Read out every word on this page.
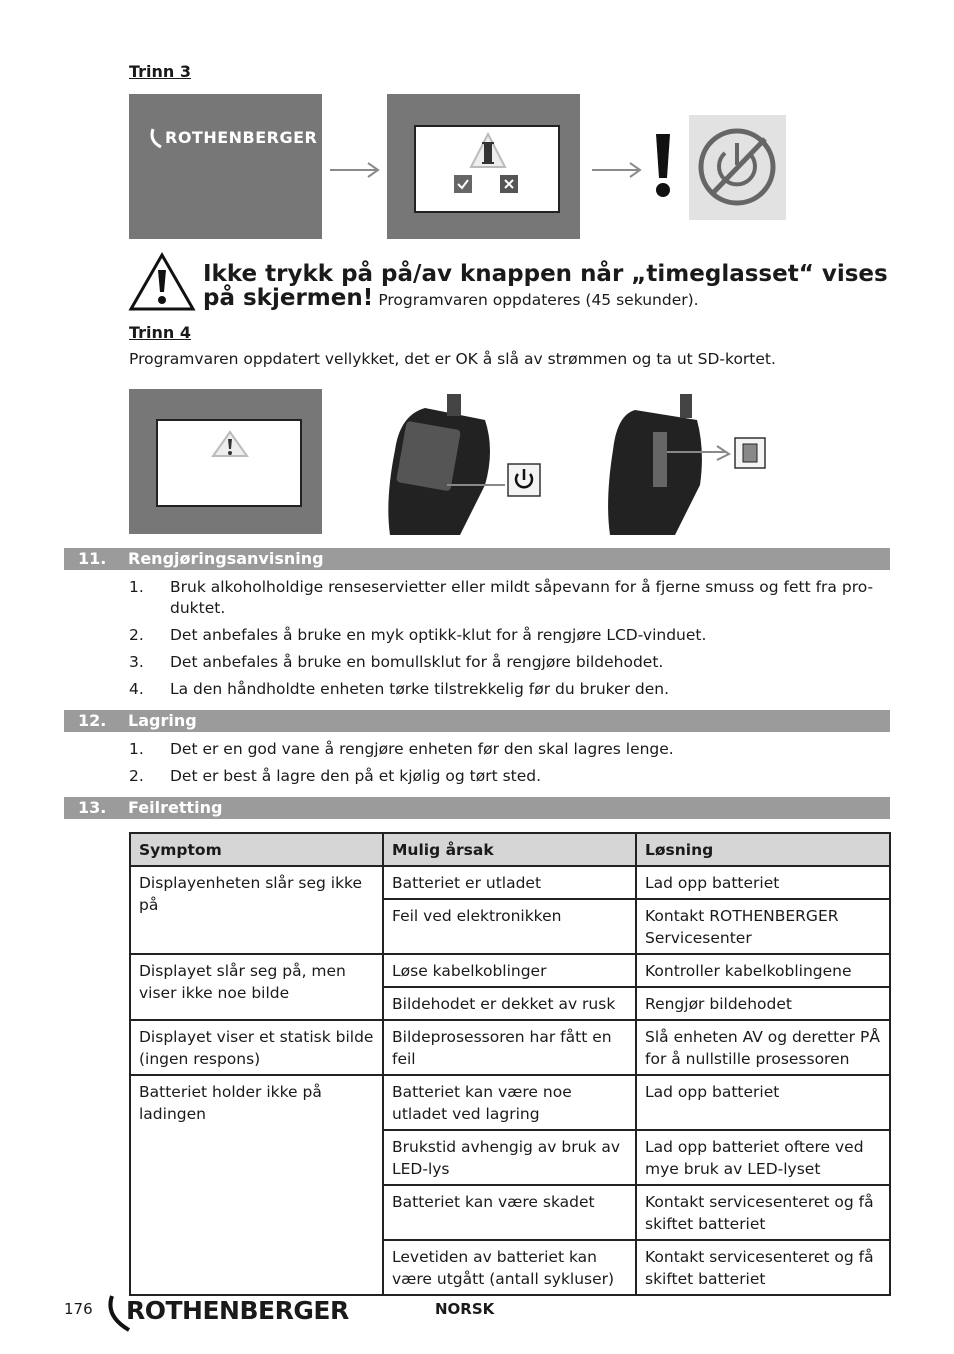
Trinn 3
ROTHENBERGER
Ikke trykk på på/av knappen når „timeglasset“ vises på skjermen! Programvaren oppdateres (45 sekunder).
Trinn 4
Programvaren oppdatert vellykket, det er OK å slå av strømmen og ta ut SD-kortet.
11. Rengjøringsanvisning
1. Bruk alkoholholdige renseservietter eller mildt såpevann for å fjerne smuss og fett fra pro-duktet.
2. Det anbefales å bruke en myk optikk-klut for å rengjøre LCD-vinduet.
3. Det anbefales å bruke en bomullsklut for å rengjøre bildehodet.
4. La den håndholdte enheten tørke tilstrekkelig før du bruker den.
12. Lagring
1. Det er en god vane å rengjøre enheten før den skal lagres lenge.
2. Det er best å lagre den på et kjølig og tørt sted.
13. Feilretting
Symptom	Mulig årsak	Løsning
Displayenheten slår seg ikke på	Batteriet er utladet	Lad opp batteriet
	Feil ved elektronikken	Kontakt ROTHENBERGER Servicesenter
Displayet slår seg på, men viser ikke noe bilde	Løse kabelkoblinger	Kontroller kabelkoblingene
	Bildehodet er dekket av rusk	Rengjør bildehodet
Displayet viser et statisk bilde (ingen respons)	Bildeprosessoren har fått en feil	Slå enheten AV og deretter PÅ for å nullstille prosessoren
Batteriet holder ikke på ladingen	Batteriet kan være noe utladet ved lagring	Lad opp batteriet
	Brukstid avhengig av bruk av LED-lys	Lad opp batteriet oftere ved mye bruk av LED-lyset
	Batteriet kan være skadet	Kontakt servicesenteret og få skiftet batteriet
	Levetiden av batteriet kan være utgått (antall sykluser)	Kontakt servicesenteret og få skiftet batteriet
176 ROTHENBERGER	NORSK
